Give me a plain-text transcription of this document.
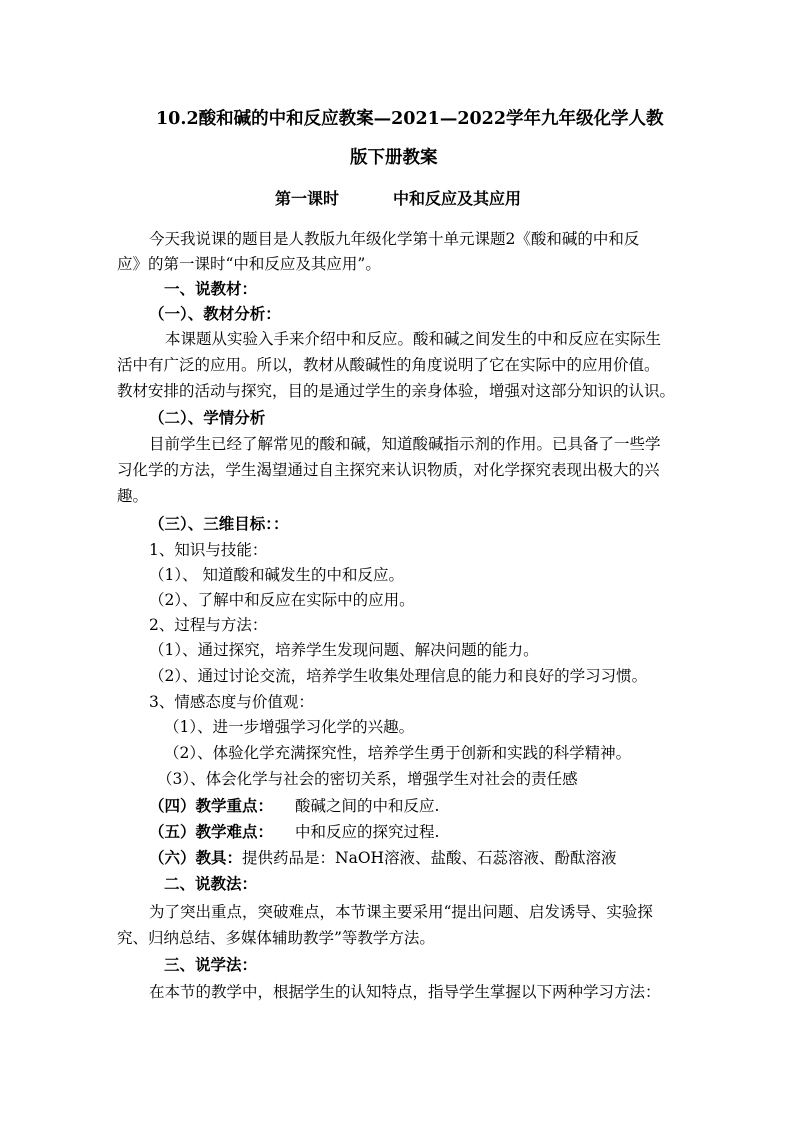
10.2酸和碱的中和反应教案—2021—2022学年九年级化学人教
版下册教案
第一课时	中和反应及其应用
今天我说课的题目是人教版九年级化学第十单元课题2《酸和碱的中和反
应》的第一课时“中和反应及其应用”。
一、说教材：
（一）、教材分析：
本课题从实验入手来介绍中和反应。酸和碱之间发生的中和反应在实际生
活中有广泛的应用。所以，教材从酸碱性的角度说明了它在实际中的应用价值。
教材安排的活动与探究，目的是通过学生的亲身体验，增强对这部分知识的认识。
（二）、学情分析
目前学生已经了解常见的酸和碱，知道酸碱指示剂的作用。已具备了一些学
习化学的方法，学生渴望通过自主探究来认识物质，对化学探究表现出极大的兴
趣。
（三）、三维目标：：
1、知识与技能：
（1）、 知道酸和碱发生的中和反应。
（2）、了解中和反应在实际中的应用。
2、过程与方法：
（1）、通过探究，培养学生发现问题、解决问题的能力。
（2）、通过讨论交流，培养学生收集处理信息的能力和良好的学习习惯。
3、情感态度与价值观：
（1）、进一步增强学习化学的兴趣。
（2）、体验化学充满探究性，培养学生勇于创新和实践的科学精神。
（3）、体会化学与社会的密切关系，增强学生对社会的责任感
（四）教学重点： 酸碱之间的中和反应.
（五）教学难点： 中和反应的探究过程.
（六）教具：提供药品是：NaOH溶液、盐酸、石蕊溶液、酚酞溶液
二、说教法：
为了突出重点，突破难点，本节课主要采用“提出问题、启发诱导、实验探
究、归纳总结、多媒体辅助教学”等教学方法。
三、说学法：
在本节的教学中，根据学生的认知特点，指导学生掌握以下两种学习方法：
